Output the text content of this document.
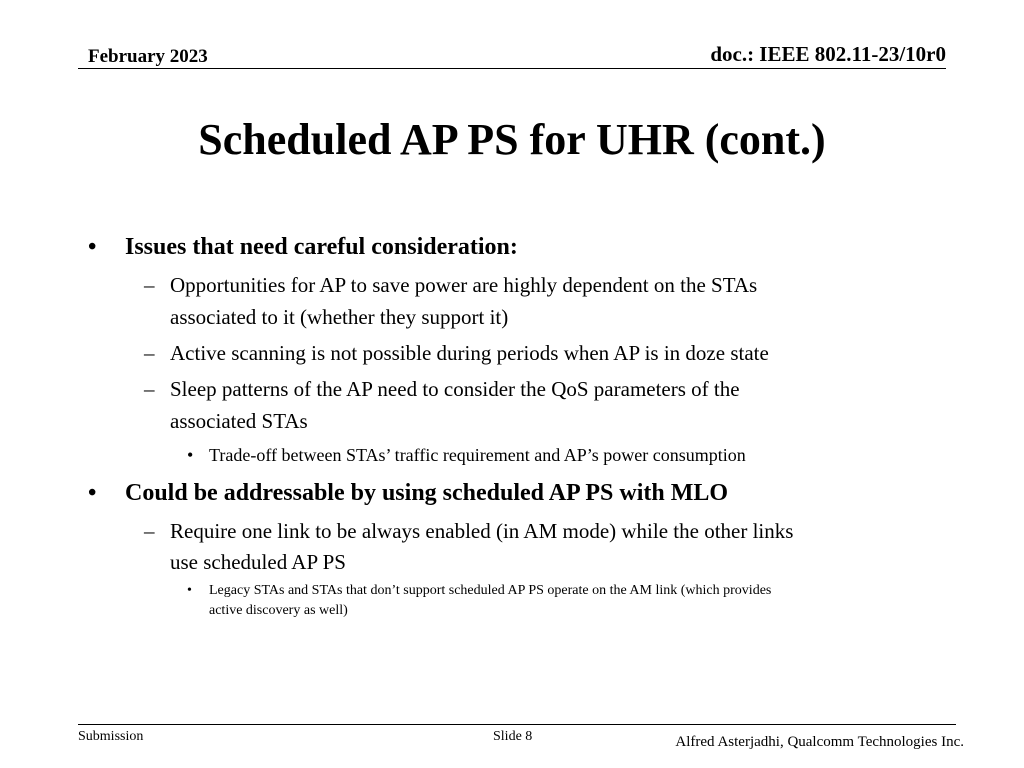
February 2023	doc.: IEEE 802.11-23/10r0
Scheduled AP PS for UHR (cont.)
• Issues that need careful consideration:
– Opportunities for AP to save power are highly dependent on the STAs
associated to it (whether they support it)
– Active scanning is not possible during periods when AP is in doze state
– Sleep patterns of the AP need to consider the QoS parameters of the
associated STAs
• Trade-off between STAs’ traffic requirement and AP’s power consumption
• Could be addressable by using scheduled AP PS with MLO
– Require one link to be always enabled (in AM mode) while the other links
use scheduled AP PS
• Legacy STAs and STAs that don’t support scheduled AP PS operate on the AM link (which provides
active discovery as well)
Submission	Slide 8	Alfred Asterjadhi, Qualcomm Technologies Inc.
